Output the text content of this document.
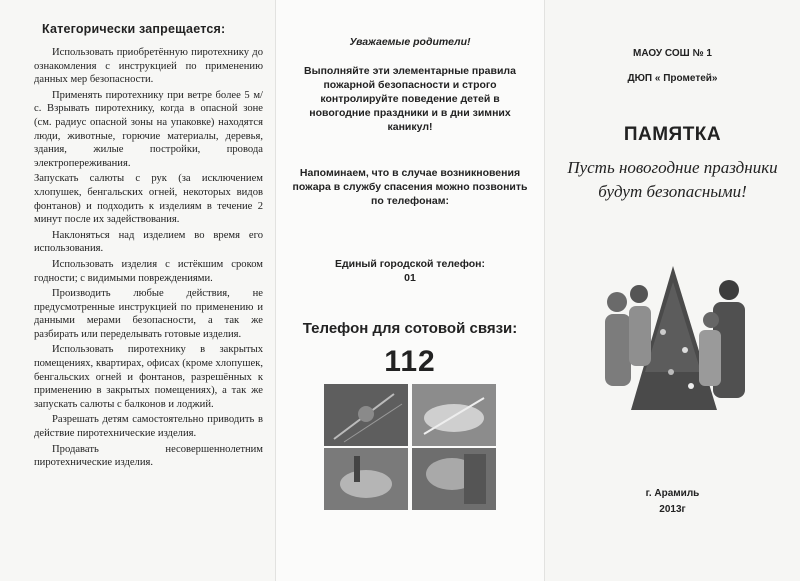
Категорически запрещается:

Использовать приобретённую пиротехнику до ознакомления с инструкцией по применению данных мер безопасности.

Применять пиротехнику при ветре более 5 м/с. Взрывать пиротехнику, когда в опасной зоне (см. радиус опасной зоны на упаковке) находятся люди, животные, горючие материалы, деревья, здания, жилые постройки, провода электропереживания.

Запускать салюты с рук (за исключением хлопушек, бенгальских огней, некоторых видов фонтанов) и подходить к изделиям в течение 2 минут после их задействования.

Наклоняться над изделием во время его использования.

Использовать изделия с истёкшим сроком годности; с видимыми повреждениями.

Производить любые действия, не предусмотренные инструкцией по применению и данными мерами безопасности, а так же разбирать или переделывать готовые изделия.

Использовать пиротехнику в закрытых помещениях, квартирах, офисах (кроме хлопушек, бенгальских огней и фонтанов, разрешённых к применению в закрытых помещениях), а так же запускать салюты с балконов и лоджий.

Разрешать детям самостоятельно приводить в действие пиротехнические изделия.

Продавать несовершеннолетним пиротехнические изделия.

Уважаемые родители!
Выполняйте эти элементарные правила пожарной безопасности и строго контролируйте поведение детей в новогодние праздники и в дни зимних каникул!
Напоминаем, что в случае возникновения пожара в службу спасения можно позвонить по телефонам:
Единый городской телефон:
01
Телефон для сотовой связи:
112
МАОУ СОШ № 1
ДЮП « Прометей»
ПАМЯТКА
Пусть новогодние праздники будут безопасными!
г. Арамиль
2013г
